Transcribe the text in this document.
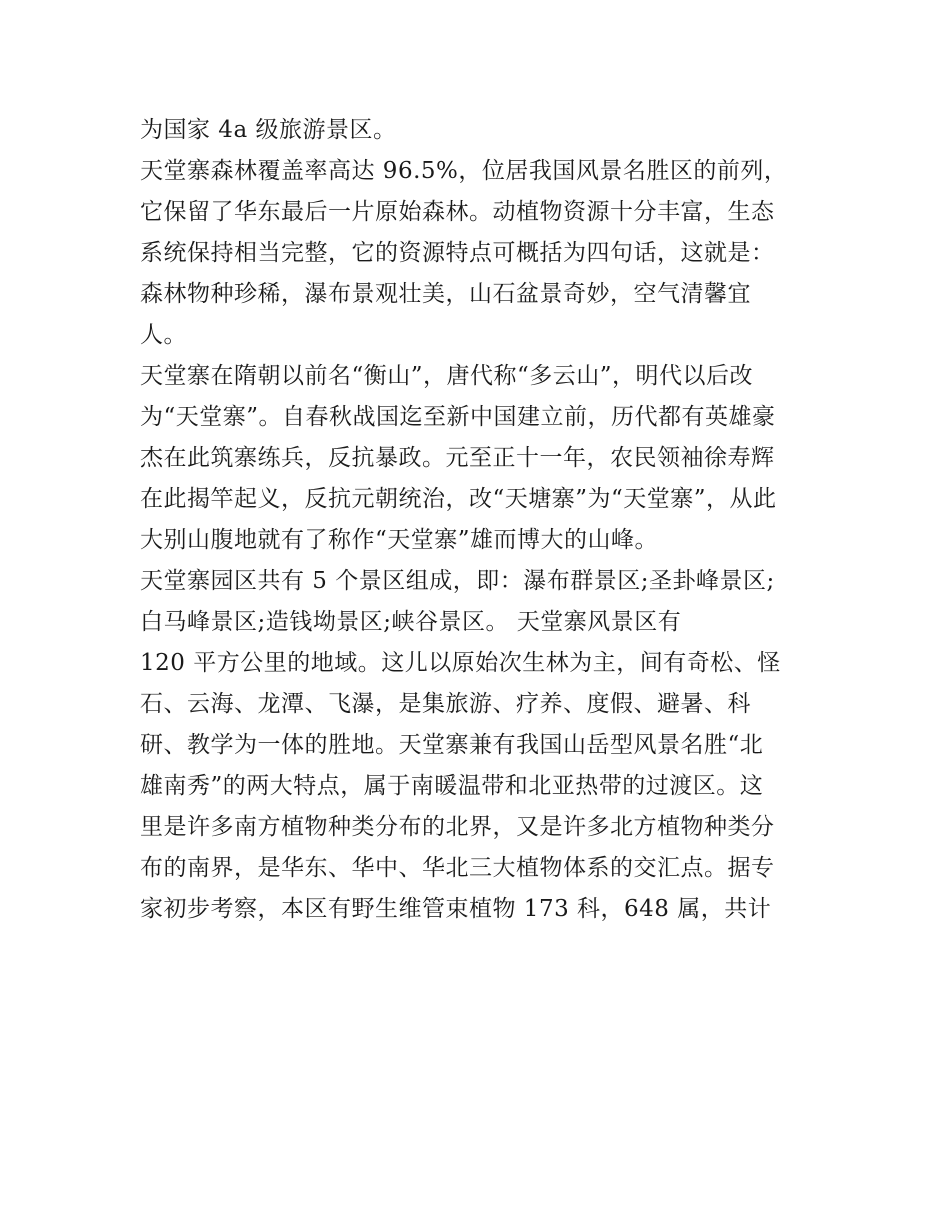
为国家 4a 级旅游景区。
天堂寨森林覆盖率高达 96.5%，位居我国风景名胜区的前列，
它保留了华东最后一片原始森林。动植物资源十分丰富，生态
系统保持相当完整，它的资源特点可概括为四句话，这就是：
森林物种珍稀，瀑布景观壮美，山石盆景奇妙，空气清馨宜
人。
天堂寨在隋朝以前名“衡山”，唐代称“多云山”，明代以后改
为“天堂寨”。自春秋战国迄至新中国建立前，历代都有英雄豪
杰在此筑寨练兵，反抗暴政。元至正十一年，农民领袖徐寿辉
在此揭竿起义，反抗元朝统治，改“天塘寨”为“天堂寨”，从此
大别山腹地就有了称作“天堂寨”雄而博大的山峰。
天堂寨园区共有 5 个景区组成，即：瀑布群景区;圣卦峰景区;
白马峰景区;造钱坳景区;峡谷景区。 天堂寨风景区有
120 平方公里的地域。这儿以原始次生林为主，间有奇松、怪
石、云海、龙潭、飞瀑，是集旅游、疗养、度假、避暑、科
研、教学为一体的胜地。天堂寨兼有我国山岳型风景名胜“北
雄南秀”的两大特点，属于南暖温带和北亚热带的过渡区。这
里是许多南方植物种类分布的北界，又是许多北方植物种类分
布的南界，是华东、华中、华北三大植物体系的交汇点。据专
家初步考察，本区有野生维管束植物 173 科，648 属，共计
